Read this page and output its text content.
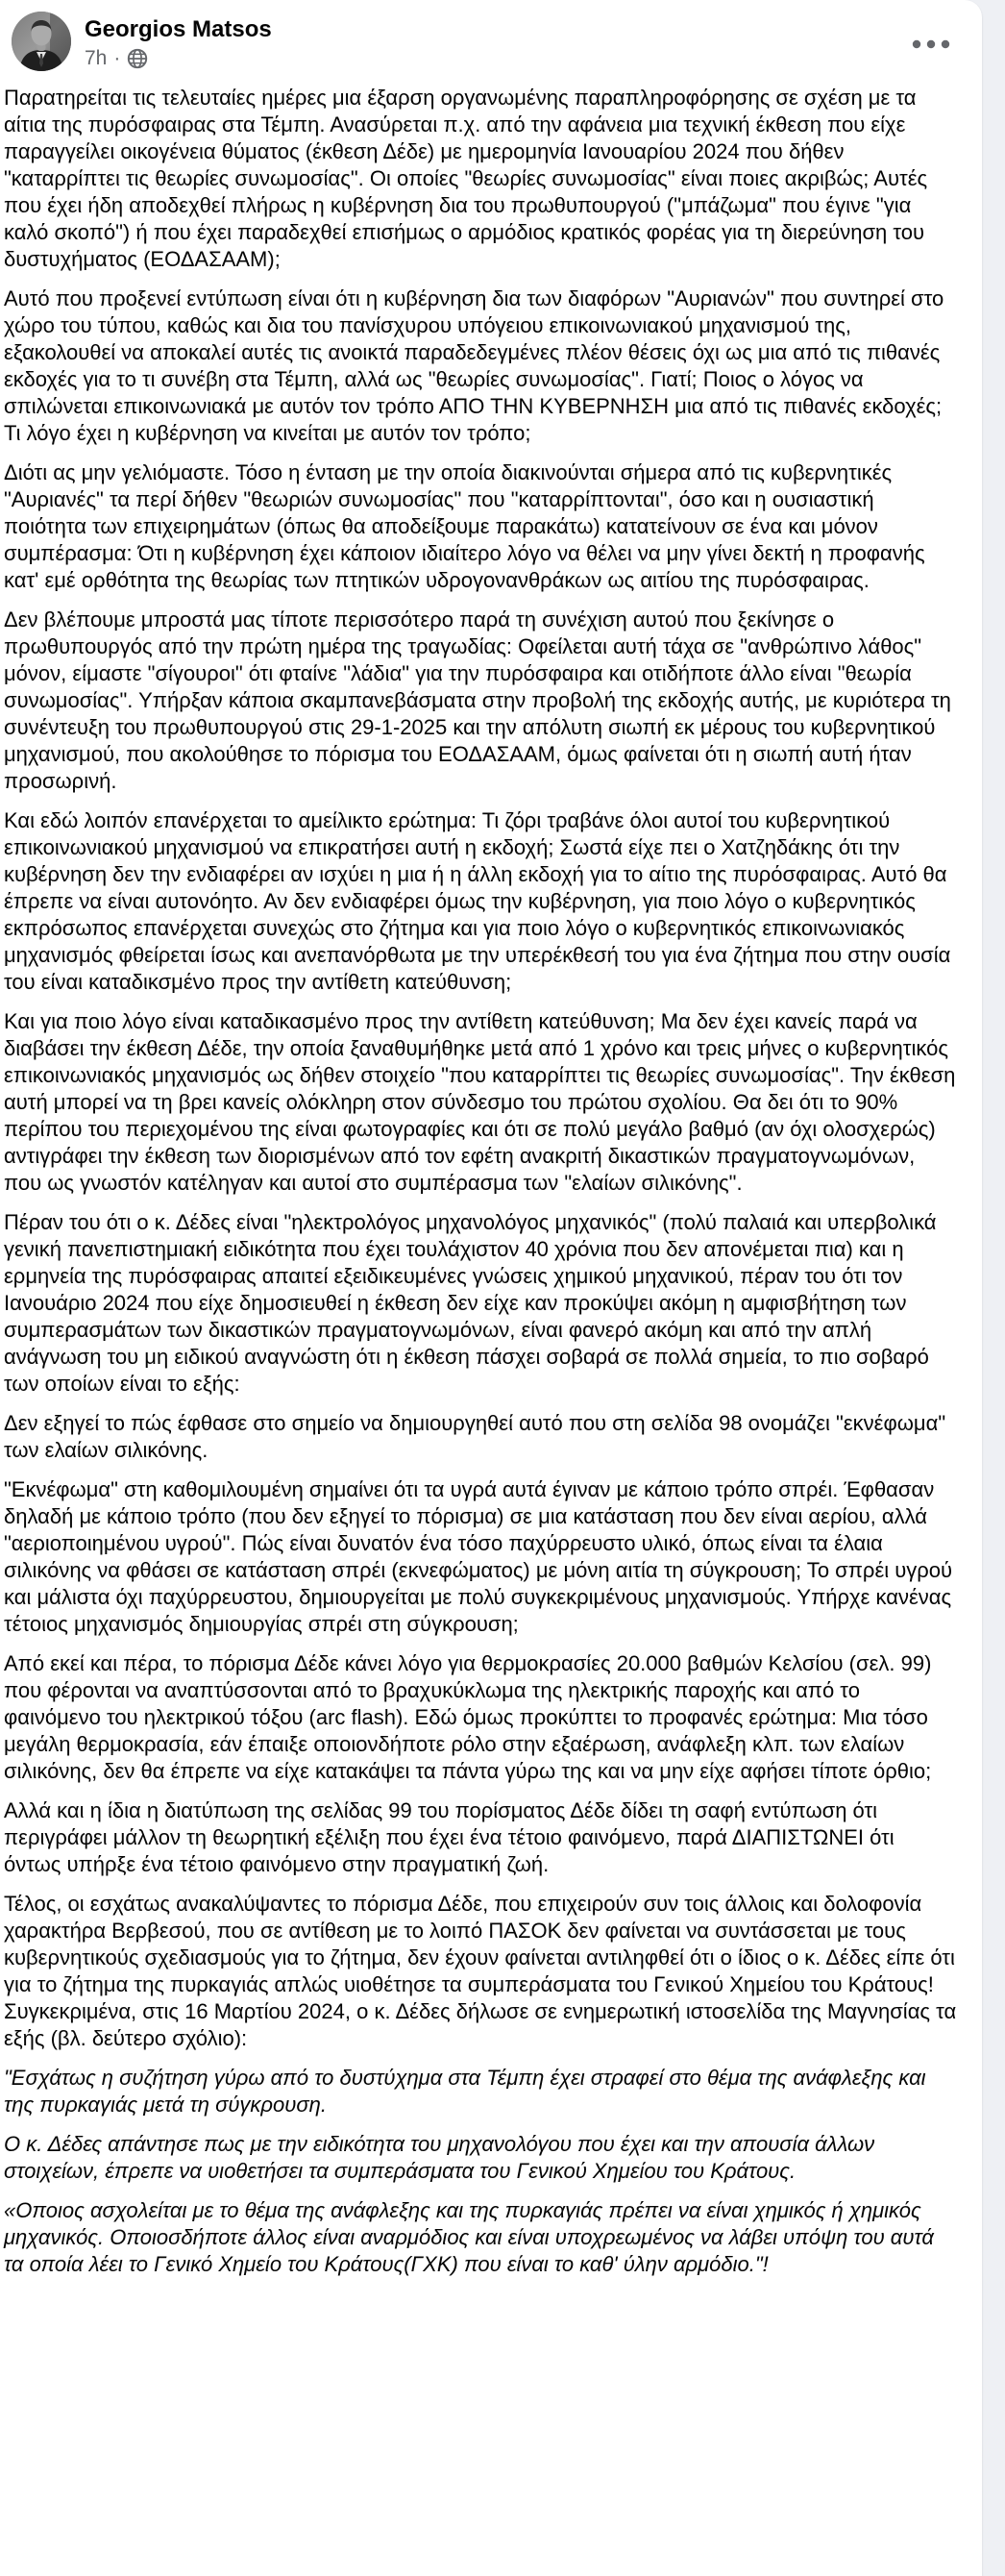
Georgios Matsos
7h ·

Παρατηρείται τις τελευταίες ημέρες μια έξαρση οργανωμένης παραπληροφόρησης σε σχέση με τα αίτια της πυρόσφαιρας στα Τέμπη. Ανασύρεται π.χ. από την αφάνεια μια τεχνική έκθεση που είχε παραγγείλει οικογένεια θύματος (έκθεση Δέδε) με ημερομηνία Ιανουαρίου 2024 που δήθεν "καταρρίπτει τις θεωρίες συνωμοσίας". Οι οποίες "θεωρίες συνωμοσίας" είναι ποιες ακριβώς; Αυτές που έχει ήδη αποδεχθεί πλήρως η κυβέρνηση δια του πρωθυπουργού ("μπάζωμα" που έγινε "για καλό σκοπό") ή που έχει παραδεχθεί επισήμως ο αρμόδιος κρατικός φορέας για τη διερεύνηση του δυστυχήματος (ΕΟΔΑΣΑΑΜ);

Αυτό που προξενεί εντύπωση είναι ότι η κυβέρνηση δια των διαφόρων "Αυριανών" που συντηρεί στο χώρο του τύπου, καθώς και δια του πανίσχυρου υπόγειου επικοινωνιακού μηχανισμού της, εξακολουθεί να αποκαλεί αυτές τις ανοικτά παραδεδεγμένες πλέον θέσεις όχι ως μια από τις πιθανές εκδοχές για το τι συνέβη στα Τέμπη, αλλά ως "θεωρίες συνωμοσίας". Γιατί; Ποιος ο λόγος να σπιλώνεται επικοινωνιακά με αυτόν τον τρόπο ΑΠΟ ΤΗΝ ΚΥΒΕΡΝΗΣΗ μια από τις πιθανές εκδοχές; Τι λόγο έχει η κυβέρνηση να κινείται με αυτόν τον τρόπο;

Διότι ας μην γελιόμαστε. Τόσο η ένταση με την οποία διακινούνται σήμερα από τις κυβερνητικές "Αυριανές" τα περί δήθεν "θεωριών συνωμοσίας" που "καταρρίπτονται", όσο και η ουσιαστική ποιότητα των επιχειρημάτων (όπως θα αποδείξουμε παρακάτω) κατατείνουν σε ένα και μόνον συμπέρασμα: Ότι η κυβέρνηση έχει κάποιον ιδιαίτερο λόγο να θέλει να μην γίνει δεκτή η προφανής κατ' εμέ ορθότητα της θεωρίας των πτητικών υδρογονανθράκων ως αιτίου της πυρόσφαιρας.

Δεν βλέπουμε μπροστά μας τίποτε περισσότερο παρά τη συνέχιση αυτού που ξεκίνησε ο πρωθυπουργός από την πρώτη ημέρα της τραγωδίας: Οφείλεται αυτή τάχα σε "ανθρώπινο λάθος" μόνον, είμαστε "σίγουροι" ότι φταίνε "λάδια" για την πυρόσφαιρα και οτιδήποτε άλλο είναι "θεωρία συνωμοσίας". Υπήρξαν κάποια σκαμπανεβάσματα στην προβολή της εκδοχής αυτής, με κυριότερα τη συνέντευξη του πρωθυπουργού στις 29-1-2025 και την απόλυτη σιωπή εκ μέρους του κυβερνητικού μηχανισμού, που ακολούθησε το πόρισμα του ΕΟΔΑΣΑΑΜ, όμως φαίνεται ότι η σιωπή αυτή ήταν προσωρινή.

Και εδώ λοιπόν επανέρχεται το αμείλικτο ερώτημα: Τι ζόρι τραβάνε όλοι αυτοί του κυβερνητικού επικοινωνιακού μηχανισμού να επικρατήσει αυτή η εκδοχή; Σωστά είχε πει ο Χατζηδάκης ότι την κυβέρνηση δεν την ενδιαφέρει αν ισχύει η μια ή η άλλη εκδοχή για το αίτιο της πυρόσφαιρας. Αυτό θα έπρεπε να είναι αυτονόητο. Αν δεν ενδιαφέρει όμως την κυβέρνηση, για ποιο λόγο ο κυβερνητικός εκπρόσωπος επανέρχεται συνεχώς στο ζήτημα και για ποιο λόγο ο κυβερνητικός επικοινωνιακός μηχανισμός φθείρεται ίσως και ανεπανόρθωτα με την υπερέκθεσή του για ένα ζήτημα που στην ουσία του είναι καταδικσμένο προς την αντίθετη κατεύθυνση;

Και για ποιο λόγο είναι καταδικασμένο προς την αντίθετη κατεύθυνση; Μα δεν έχει κανείς παρά να διαβάσει την έκθεση Δέδε, την οποία ξαναθυμήθηκε μετά από 1 χρόνο και τρεις μήνες ο κυβερνητικός επικοινωνιακός μηχανισμός ως δήθεν στοιχείο "που καταρρίπτει τις θεωρίες συνωμοσίας". Την έκθεση αυτή μπορεί να τη βρει κανείς ολόκληρη στον σύνδεσμο του πρώτου σχολίου. Θα δει ότι το 90% περίπου του περιεχομένου της είναι φωτογραφίες και ότι σε πολύ μεγάλο βαθμό (αν όχι ολοσχερώς) αντιγράφει την έκθεση των διορισμένων από τον εφέτη ανακριτή δικαστικών πραγματογνωμόνων, που ως γνωστόν κατέληγαν και αυτοί στο συμπέρασμα των "ελαίων σιλικόνης".

Πέραν του ότι ο κ. Δέδες είναι "ηλεκτρολόγος μηχανολόγος μηχανικός" (πολύ παλαιά και υπερβολικά γενική πανεπιστημιακή ειδικότητα που έχει τουλάχιστον 40 χρόνια που δεν απονέμεται πια) και η ερμηνεία της πυρόσφαιρας απαιτεί εξειδικευμένες γνώσεις χημικού μηχανικού, πέραν του ότι τον Ιανουάριο 2024 που είχε δημοσιευθεί η έκθεση δεν είχε καν προκύψει ακόμη η αμφισβήτηση των συμπερασμάτων των δικαστικών πραγματογνωμόνων, είναι φανερό ακόμη και από την απλή ανάγνωση του μη ειδικού αναγνώστη ότι η έκθεση πάσχει σοβαρά σε πολλά σημεία, το πιο σοβαρό των οποίων είναι το εξής:

Δεν εξηγεί το πώς έφθασε στο σημείο να δημιουργηθεί αυτό που στη σελίδα 98 ονομάζει "εκνέφωμα" των ελαίων σιλικόνης.

"Εκνέφωμα" στη καθομιλουμένη σημαίνει ότι τα υγρά αυτά έγιναν με κάποιο τρόπο σπρέι. Έφθασαν δηλαδή με κάποιο τρόπο (που δεν εξηγεί το πόρισμα) σε μια κατάσταση που δεν είναι αερίου, αλλά "αεριοποιημένου υγρού". Πώς είναι δυνατόν ένα τόσο παχύρρευστο υλικό, όπως είναι τα έλαια σιλικόνης να φθάσει σε κατάσταση σπρέι (εκνεφώματος) με μόνη αιτία τη σύγκρουση; Το σπρέι υγρού και μάλιστα όχι παχύρρευστου, δημιουργείται με πολύ συγκεκριμένους μηχανισμούς. Υπήρχε κανένας τέτοιος μηχανισμός δημιουργίας σπρέι στη σύγκρουση;

Από εκεί και πέρα, το πόρισμα Δέδε κάνει λόγο για θερμοκρασίες 20.000 βαθμών Κελσίου (σελ. 99) που φέρονται να αναπτύσσονται από το βραχυκύκλωμα της ηλεκτρικής παροχής και από το φαινόμενο του ηλεκτρικού τόξου (arc flash). Εδώ όμως προκύπτει το προφανές ερώτημα: Μια τόσο μεγάλη θερμοκρασία, εάν έπαιξε οποιονδήποτε ρόλο στην εξαέρωση, ανάφλεξη κλπ. των ελαίων σιλικόνης, δεν θα έπρεπε να είχε κατακάψει τα πάντα γύρω της και να μην είχε αφήσει τίποτε όρθιο;

Αλλά και η ίδια η διατύπωση της σελίδας 99 του πορίσματος Δέδε δίδει τη σαφή εντύπωση ότι περιγράφει μάλλον τη θεωρητική εξέλιξη που έχει ένα τέτοιο φαινόμενο, παρά ΔΙΑΠΙΣΤΩΝΕΙ ότι όντως υπήρξε ένα τέτοιο φαινόμενο στην πραγματική ζωή.

Τέλος, οι εσχάτως ανακαλύψαντες το πόρισμα Δέδε, που επιχειρούν συν τοις άλλοις και δολοφονία χαρακτήρα Βερβεσού, που σε αντίθεση με το λοιπό ΠΑΣΟΚ δεν φαίνεται να συντάσσεται με τους κυβερνητικούς σχεδιασμούς για το ζήτημα, δεν έχουν φαίνεται αντιληφθεί ότι ο ίδιος ο κ. Δέδες είπε ότι για το ζήτημα της πυρκαγιάς απλώς υιοθέτησε τα συμπεράσματα του Γενικού Χημείου του Κράτους! Συγκεκριμένα, στις 16 Μαρτίου 2024, ο κ. Δέδες δήλωσε σε ενημερωτική ιστοσελίδα της Μαγνησίας τα εξής (βλ. δεύτερο σχόλιο):

"Εσχάτως η συζήτηση γύρω από το δυστύχημα στα Τέμπη έχει στραφεί στο θέμα της ανάφλεξης και της πυρκαγιάς μετά τη σύγκρουση.

Ο κ. Δέδες απάντησε πως με την ειδικότητα του μηχανολόγου που έχει και την απουσία άλλων στοιχείων, έπρεπε να υιοθετήσει τα συμπεράσματα του Γενικού Χημείου του Κράτους.

«Οποιος ασχολείται με το θέμα της ανάφλεξης και της πυρκαγιάς πρέπει να είναι χημικός ή χημικός μηχανικός. Οποιοσδήποτε άλλος είναι αναρμόδιος και είναι υποχρεωμένος να λάβει υπόψη του αυτά τα οποία λέει το Γενικό Χημείο του Κράτους(ΓΧΚ) που είναι το καθ' ύλην αρμόδιο."!
